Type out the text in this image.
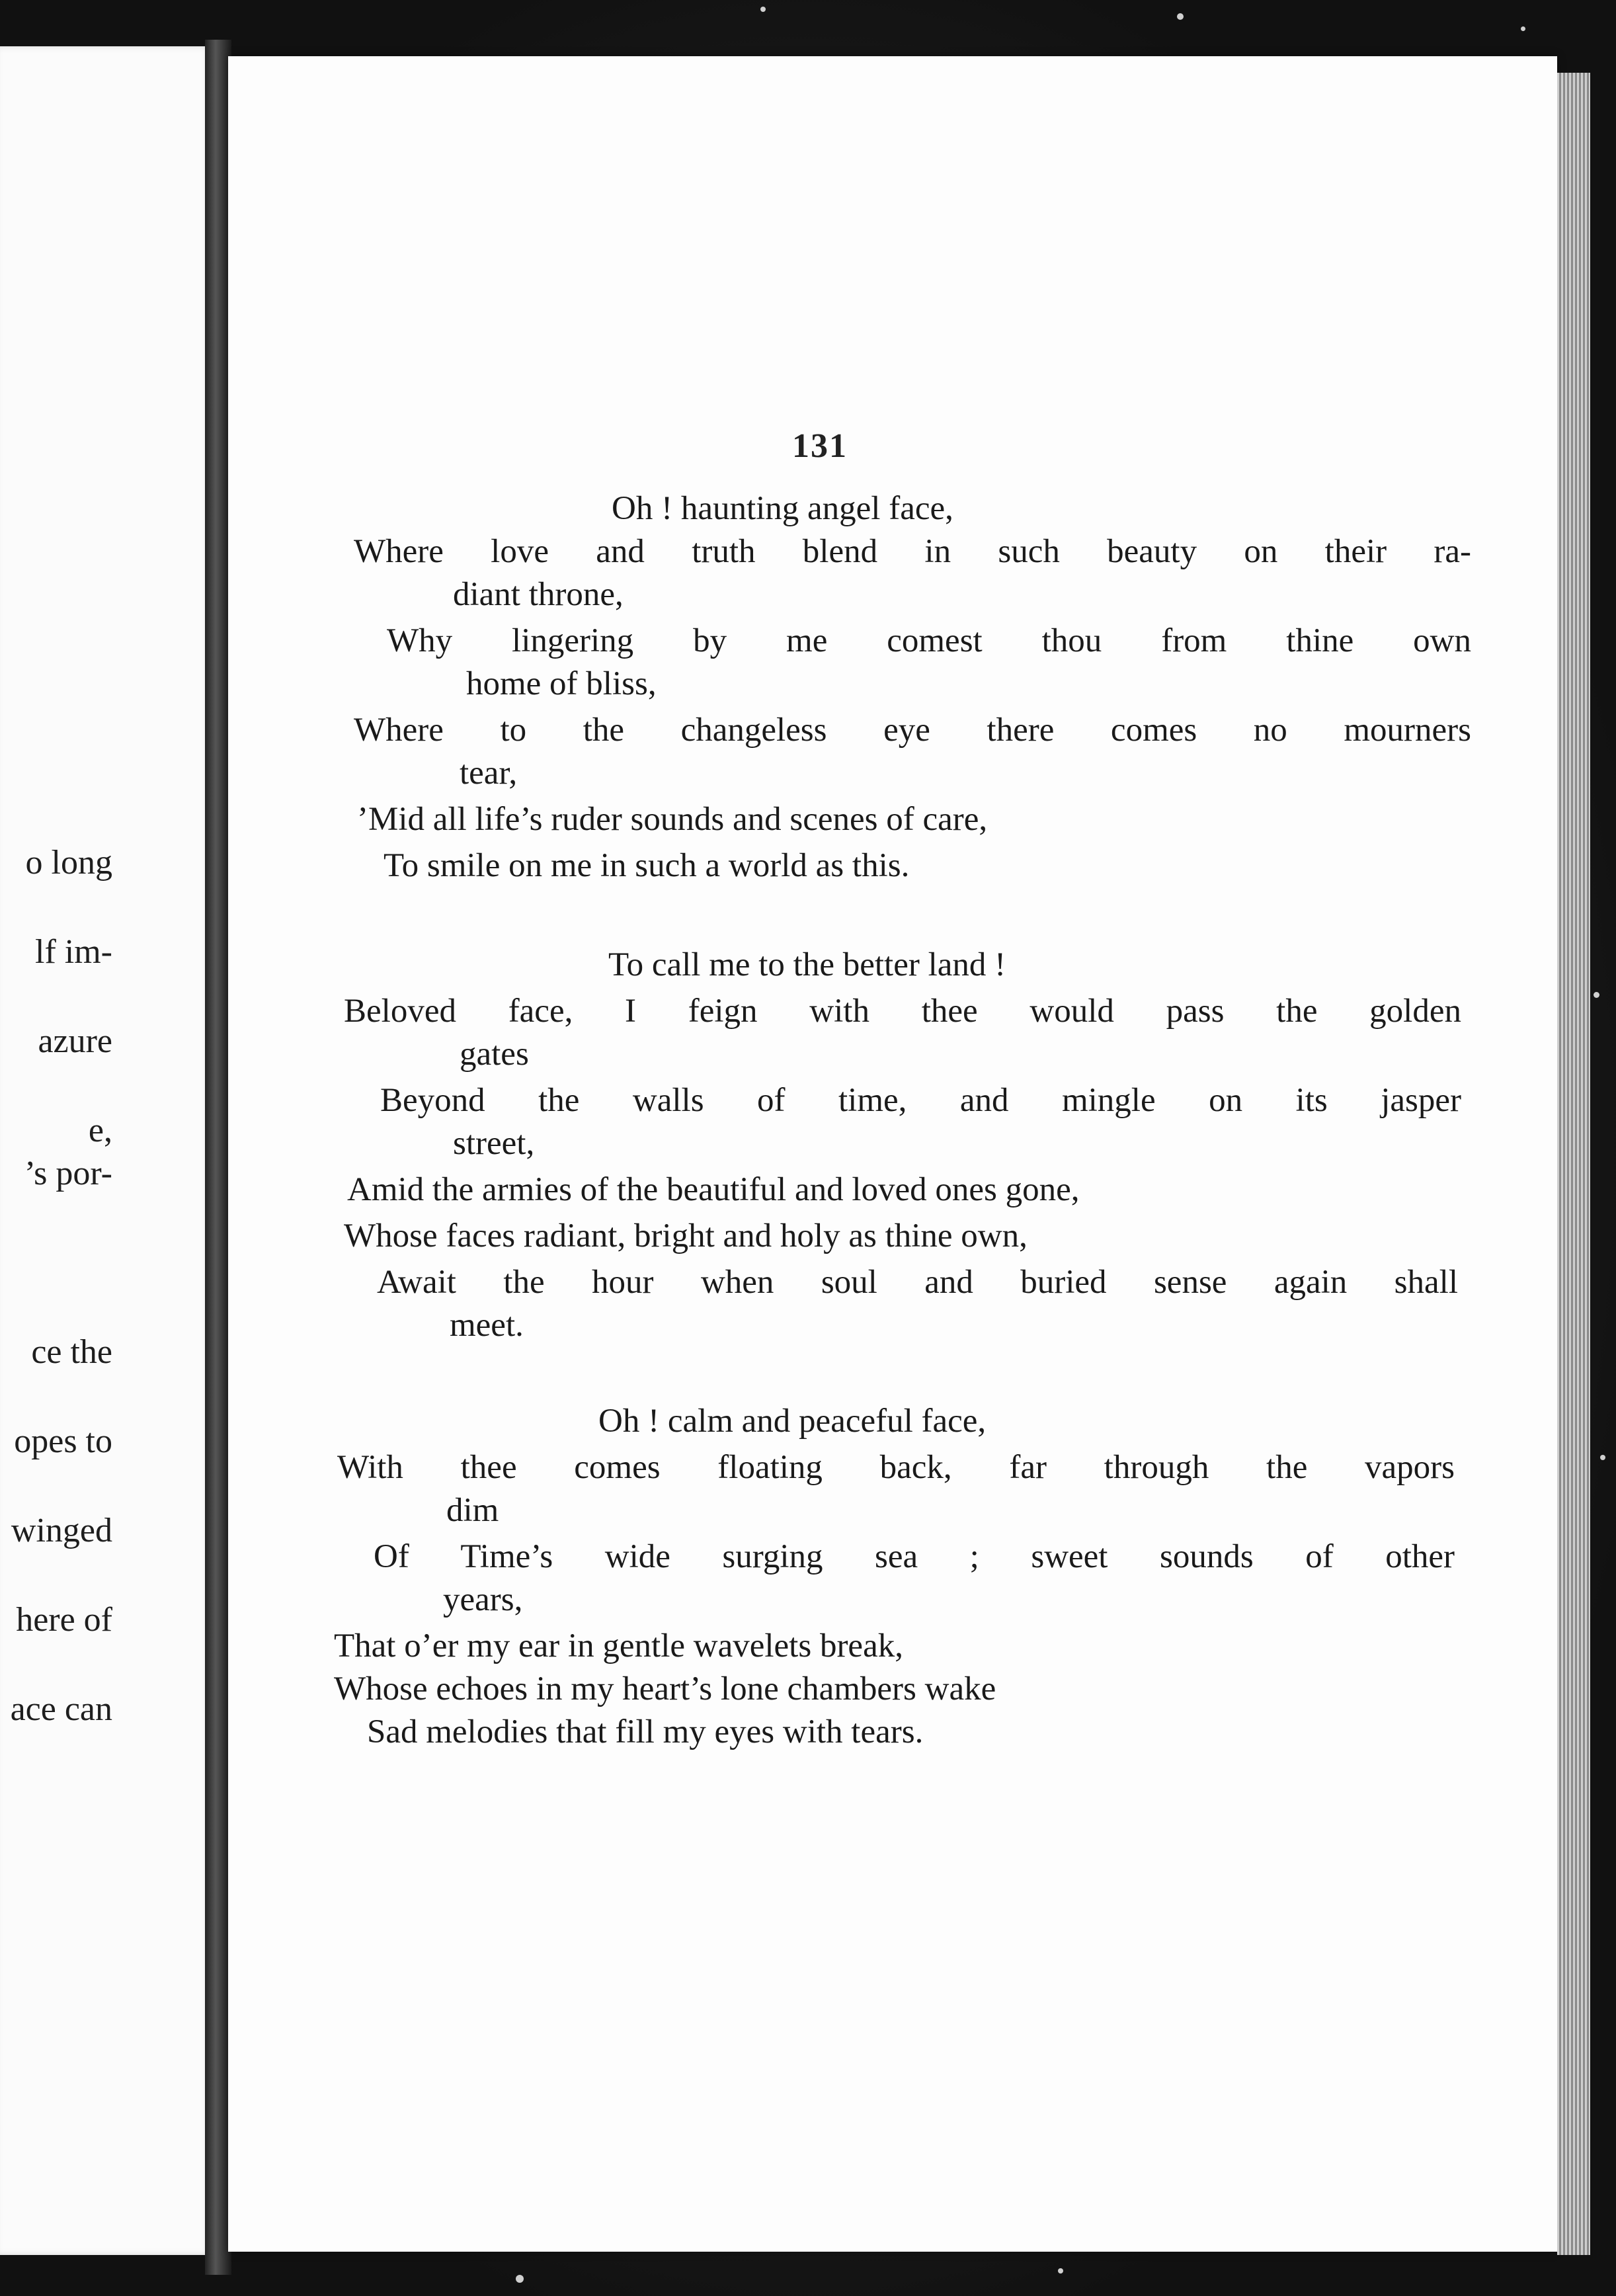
o long
lf im-
azure
e,
’s por-
ce the
opes to
winged
here of
ace can
131
Oh ! haunting angel face,
Where love and truth blend in such beauty on their ra-
diant throne,
Why lingering by me comest thou from thine own
home of bliss,
Where to the changeless eye there comes no mourners
tear,
’Mid all life’s ruder sounds and scenes of care,
To smile on me in such a world as this.
To call me to the better land !
Beloved face, I feign with thee would pass the golden
gates
Beyond the walls of time, and mingle on its jasper
street,
Amid the armies of the beautiful and loved ones gone,
Whose faces radiant, bright and holy as thine own,
Await the hour when soul and buried sense again shall
meet.
Oh ! calm and peaceful face,
With thee comes floating back, far through the vapors
dim
Of Time’s wide surging sea ; sweet sounds of other
years,
That o’er my ear in gentle wavelets break,
Whose echoes in my heart’s lone chambers wake
Sad melodies that fill my eyes with tears.
